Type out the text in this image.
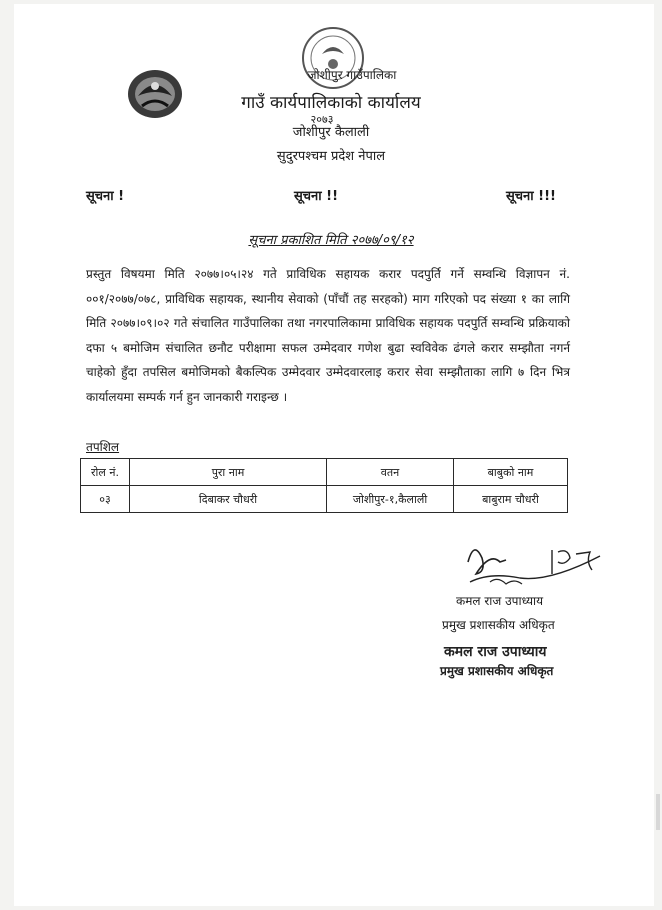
जोशीपुर गाउँपालिका
गाउँ कार्यपालिकाको कार्यालय
२०७३
जोशीपुर कैलाली
सुदुरपश्चम प्रदेश नेपाल
सूचना !	सूचना !!	सूचना !!!
सूचना प्रकाशित मिति २०७७/०९/१२
प्रस्तुत विषयमा मिति २०७७।०५।२४ गते प्राविधिक सहायक करार पदपुर्ति गर्ने सम्वन्धि विज्ञापन नं. ००१/२०७७/०७८, प्राविधिक सहायक, स्थानीय सेवाको (पाँचौं तह सरहको) माग गरिएको पद संख्या १ का लागि मिति २०७७।०९।०२ गते संचालित गाउँपालिका तथा नगरपालिकामा प्राविधिक सहायक पदपुर्ति सम्वन्धि प्रक्रियाको दफा ५ बमोजिम संचालित छनौट परीक्षामा सफल उम्मेदवार गणेश बुढा स्वविवेक ढंगले करार सम्झौता नगर्न चाहेको हुँदा तपसिल बमोजिमको बैकल्पिक उम्मेदवार उम्मेदवारलाइ करार सेवा सम्झौताका लागि ७ दिन भित्र कार्यालयमा सम्पर्क गर्न हुन जानकारी गराइन्छ ।
तपशिल
रोल नं.	पुरा नाम	वतन	बाबुको नाम
०३	दिबाकर चौधरी	जोशीपुर-१,कैलाली	बाबुराम चौधरी
कमल राज उपाध्याय
प्रमुख प्रशासकीय अधिकृत
कमल राज उपाध्याय
प्रमुख प्रशासकीय अधिकृत
